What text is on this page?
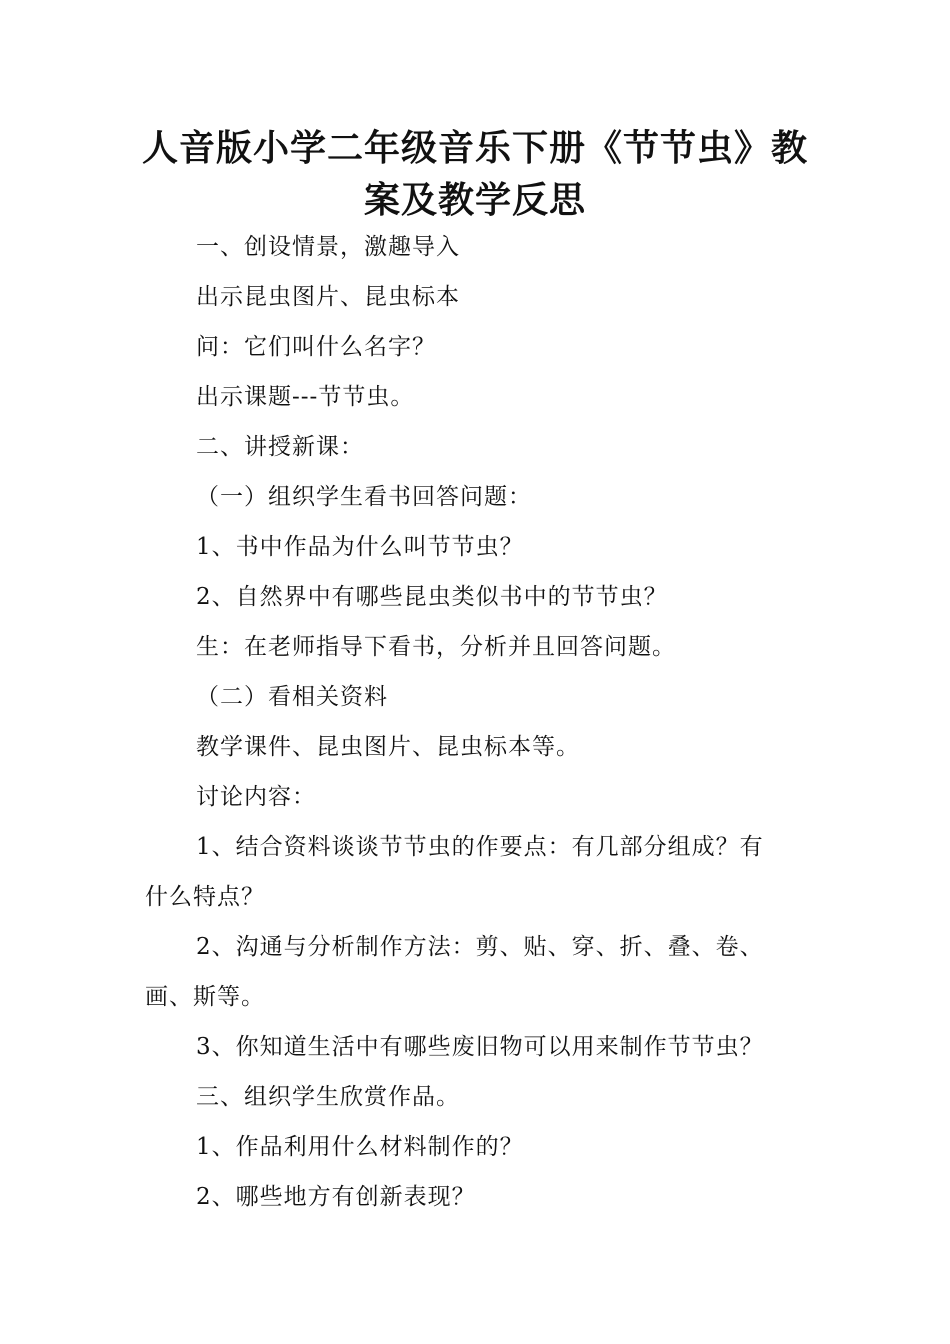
人音版小学二年级音乐下册《节节虫》教
案及教学反思

一、创设情景，激趣导入

出示昆虫图片、昆虫标本

问：它们叫什么名字？

出示课题---节节虫。

二、讲授新课：

（一）组织学生看书回答问题：

1、书中作品为什么叫节节虫？

2、自然界中有哪些昆虫类似书中的节节虫？

生：在老师指导下看书，分析并且回答问题。

（二）看相关资料

教学课件、昆虫图片、昆虫标本等。

讨论内容：

1、结合资料谈谈节节虫的作要点：有几部分组成？有
什么特点？
2、沟通与分析制作方法：剪、贴、穿、折、叠、卷、
画、斯等。

3、你知道生活中有哪些废旧物可以用来制作节节虫？

三、组织学生欣赏作品。

1、作品利用什么材料制作的？

2、哪些地方有创新表现？
